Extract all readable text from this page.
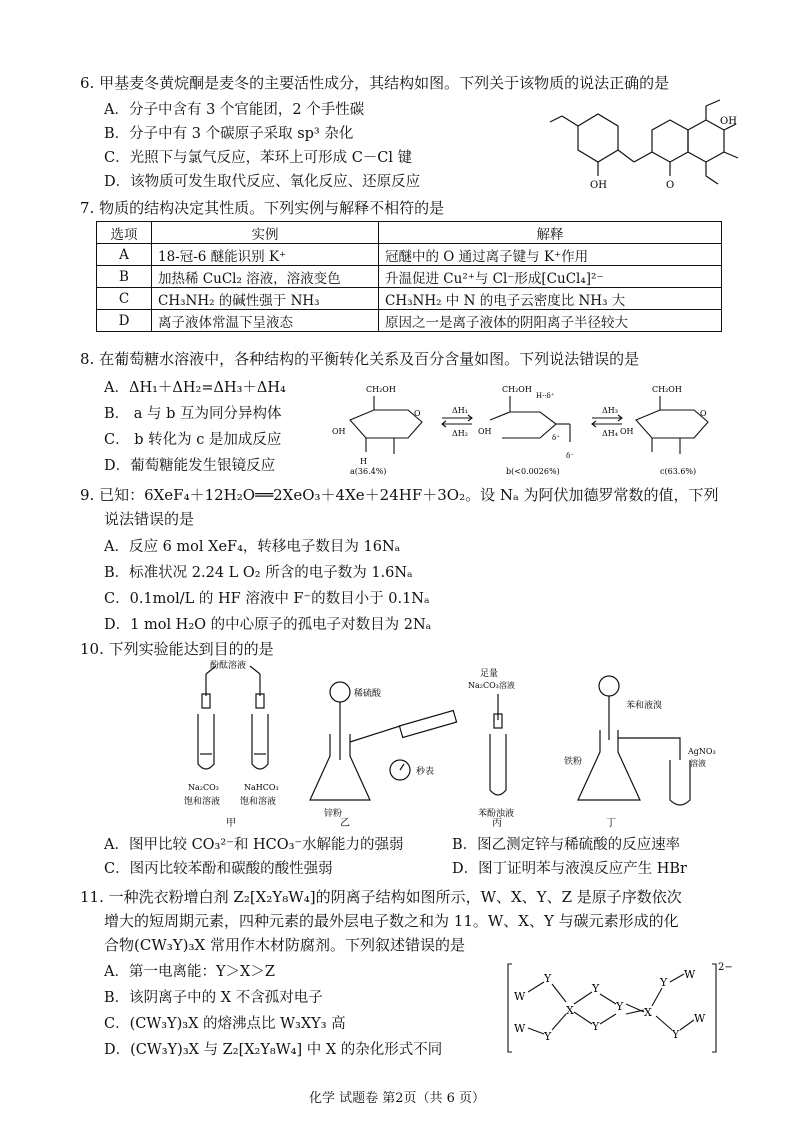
6. 甲基麦冬黄烷酮是麦冬的主要活性成分，其结构如图。下列关于该物质的说法正确的是
A．分子中含有 3 个官能团，2 个手性碳
B．分子中有 3 个碳原子采取 sp³ 杂化
C．光照下与氯气反应，苯环上可形成 C－Cl 键
D．该物质可发生取代反应、氧化反应、还原反应	OH
OH
O
7. 物质的结构决定其性质。下列实例与解释不相符的是
选项	实例	解释
A	18-冠-6 醚能识别 K⁺	冠醚中的 O 通过离子键与 K⁺作用
B	加热稀 CuCl₂ 溶液，溶液变色	升温促进 Cu²⁺与 Cl⁻形成[CuCl₄]²⁻
C	CH₃NH₂ 的碱性强于 NH₃	CH₃NH₂ 中 N 的电子云密度比 NH₃ 大
D	离子液体常温下呈液态	原因之一是离子液体的阴阳离子半径较大
8. 在葡萄糖水溶液中，各种结构的平衡转化关系及百分含量如图。下列说法错误的是
A．ΔH₁＋ΔH₂=ΔH₃＋ΔH₄
B． a 与 b 互为同分异构体
C． b 转化为 c 是加成反应
D．葡萄糖能发生银镜反应
CH₂OH
O
OH
H
ΔH₁
ΔH₂
CH₂OH
H··δ⁺
δ⁺
δ⁻
OH
ΔH₃
ΔH₄
CH₂OH
O
OH
a(36.4%)	b(<0.0026%)	c(63.6%)
9. 已知：6XeF₄＋12H₂O══2XeO₃＋4Xe＋24HF＋3O₂。设 Nₐ 为阿伏加德罗常数的值，下列
说法错误的是
A．反应 6 mol XeF₄，转移电子数目为 16Nₐ
B．标准状况 2.24 L O₂ 所含的电子数为 1.6Nₐ
C．0.1mol/L 的 HF 溶液中 F⁻的数目小于 0.1Nₐ
D．1 mol H₂O 的中心原子的孤电子对数目为 2Nₐ
10. 下列实验能达到目的的是
酚酞溶液
Na₂CO₃	NaHCO₃
饱和溶液 饱和溶液
稀硫酸
秒表
锌粉
足量
Na₂CO₃溶液
苯酚浊液
苯和液溴
铁粉
AgNO₃
溶液
甲	乙	丙	丁
A．图甲比较 CO₃²⁻和 HCO₃⁻水解能力的强弱	B．图乙测定锌与稀硫酸的反应速率
C．图丙比较苯酚和碳酸的酸性强弱	D．图丁证明苯与液溴反应产生 HBr
11. 一种洗衣粉增白剂 Z₂[X₂Y₈W₄]的阴离子结构如图所示，W、X、Y、Z 是原子序数依次
增大的短周期元素，四种元素的最外层电子数之和为 11。W、X、Y 与碳元素形成的化
合物(CW₃Y)₃X 常用作木材防腐剂。下列叙述错误的是
A．第一电离能：Y＞X＞Z
B．该阴离子中的 X 不含孤对电子
C．(CW₃Y)₃X 的熔沸点比 W₃XY₃ 高
D．(CW₃Y)₃X 与 Z₂[X₂Y₈W₄] 中 X 的杂化形式不同
W
Y
W
Y
X
Y
Y
Y X
Y
W
Y
W
2−
化学 试题卷 第2页（共 6 页）
